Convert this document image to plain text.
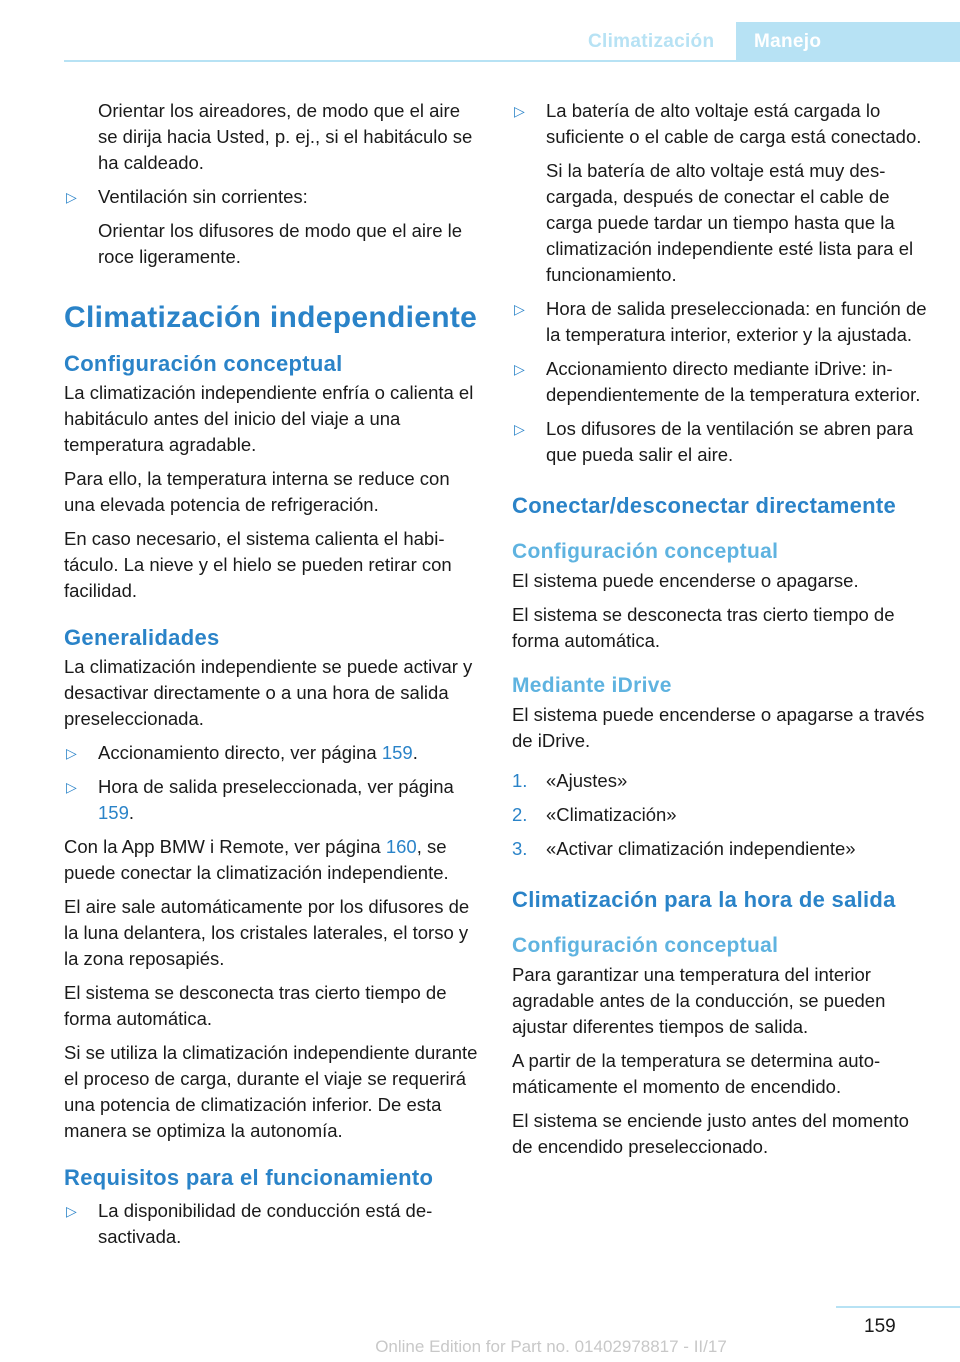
Climatización Manejo

Orientar los aireadores, de modo que el aire se dirija hacia Usted, p. ej., si el habitáculo se ha caldeado.

▷ Ventilación sin corrientes:

Orientar los difusores de modo que el aire le roce ligeramente.

Climatización independiente
Configuración conceptual

La climatización independiente enfría o calienta el habitáculo antes del inicio del viaje a una temperatura agradable.

Para ello, la temperatura interna se reduce con una elevada potencia de refrigeración.

En caso necesario, el sistema calienta el habitáculo. La nieve y el hielo se pueden retirar con facilidad.

Generalidades

La climatización independiente se puede activar y desactivar directamente o a una hora de salida preseleccionada.

▷ Accionamiento directo, ver página 159.
▷ Hora de salida preseleccionada, ver página 159.

Con la App BMW i Remote, ver página 160, se puede conectar la climatización independiente.

El aire sale automáticamente por los difusores de la luna delantera, los cristales laterales, el torso y la zona reposapiés.

El sistema se desconecta tras cierto tiempo de forma automática.

Si se utiliza la climatización independiente durante el proceso de carga, durante el viaje se requerirá una potencia de climatización inferior. De esta manera se optimiza la autonomía.

Requisitos para el funcionamiento
▷ La disponibilidad de conducción está desactivada.
▷ La batería de alto voltaje está cargada lo suficiente o el cable de carga está conectado.

Si la batería de alto voltaje está muy descargada, después de conectar el cable de carga puede tardar un tiempo hasta que la climatización independiente esté lista para el funcionamiento.

▷ Hora de salida preseleccionada: en función de la temperatura interior, exterior y la ajustada.
▷ Accionamiento directo mediante iDrive: independientemente de la temperatura exterior.
▷ Los difusores de la ventilación se abren para que pueda salir el aire.
Conectar/desconectar directamente
Configuración conceptual

El sistema puede encenderse o apagarse.

El sistema se desconecta tras cierto tiempo de forma automática.

Mediante iDrive

El sistema puede encenderse o apagarse a través de iDrive.

1. «Ajustes»
2. «Climatización»
3. «Activar climatización independiente»
Climatización para la hora de salida
Configuración conceptual

Para garantizar una temperatura del interior agradable antes de la conducción, se pueden ajustar diferentes tiempos de salida.

A partir de la temperatura se determina automáticamente el momento de encendido.

El sistema se enciende justo antes del momento de encendido preseleccionado.

159
Online Edition for Part no. 01402978817 - II/17
